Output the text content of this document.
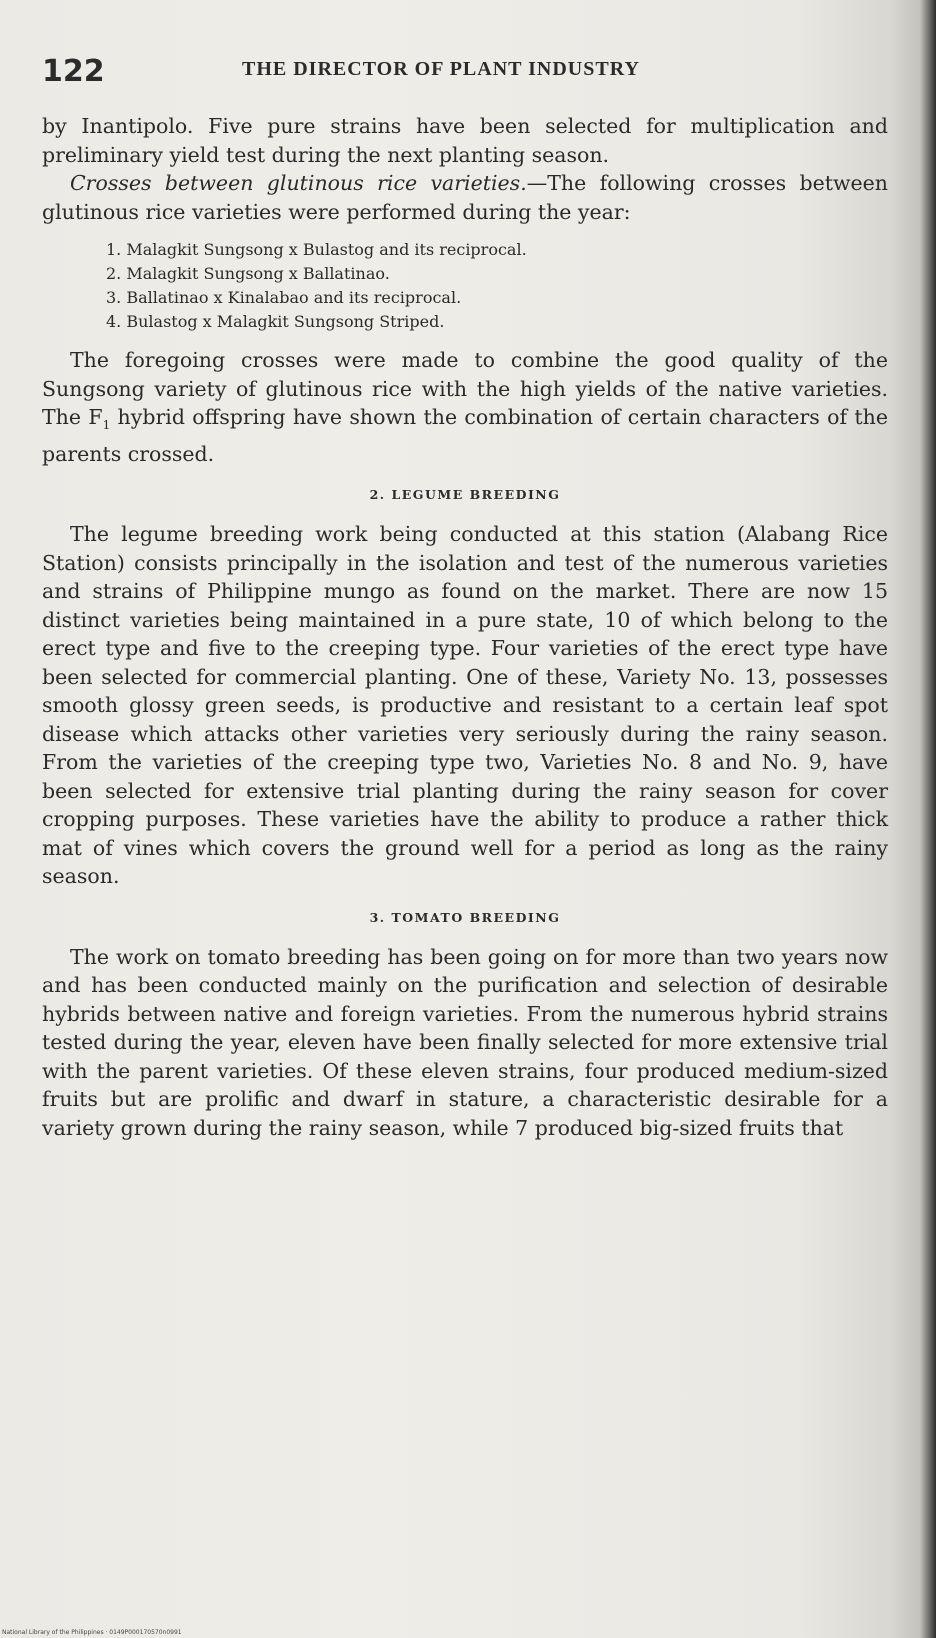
122	THE DIRECTOR OF PLANT INDUSTRY

by Inantipolo. Five pure strains have been selected for multiplication and preliminary yield test during the next planting season.

Crosses between glutinous rice varieties.—The following crosses between glutinous rice varieties were performed during the year:

1. Malagkit Sungsong x Bulastog and its reciprocal.
2. Malagkit Sungsong x Ballatinao.
3. Ballatinao x Kinalabao and its reciprocal.
4. Bulastog x Malagkit Sungsong Striped.

The foregoing crosses were made to combine the good quality of the Sungsong variety of glutinous rice with the high yields of the native varieties. The $F_1$ hybrid offspring have shown the combination of certain characters of the parents crossed.

2. LEGUME BREEDING

The legume breeding work being conducted at this station (Alabang Rice Station) consists principally in the isolation and test of the numerous varieties and strains of Philippine mungo as found on the market. There are now 15 distinct varieties being maintained in a pure state, 10 of which belong to the erect type and five to the creeping type. Four varieties of the erect type have been selected for commercial planting. One of these, Variety No. 13, possesses smooth glossy green seeds, is productive and resistant to a certain leaf spot disease which attacks other varieties very seriously during the rainy season. From the varieties of the creeping type two, Varieties No. 8 and No. 9, have been selected for extensive trial planting during the rainy season for cover cropping purposes. These varieties have the ability to produce a rather thick mat of vines which covers the ground well for a period as long as the rainy season.

3. TOMATO BREEDING

The work on tomato breeding has been going on for more than two years now and has been conducted mainly on the purification and selection of desirable hybrids between native and foreign varieties. From the numerous hybrid strains tested during the year, eleven have been finally selected for more extensive trial with the parent varieties. Of these eleven strains, four produced medium-sized fruits but are prolific and dwarf in stature, a characteristic desirable for a variety grown during the rainy season, while 7 produced big-sized fruits that

National Library of the Philippines · 0149P000170570n0991
